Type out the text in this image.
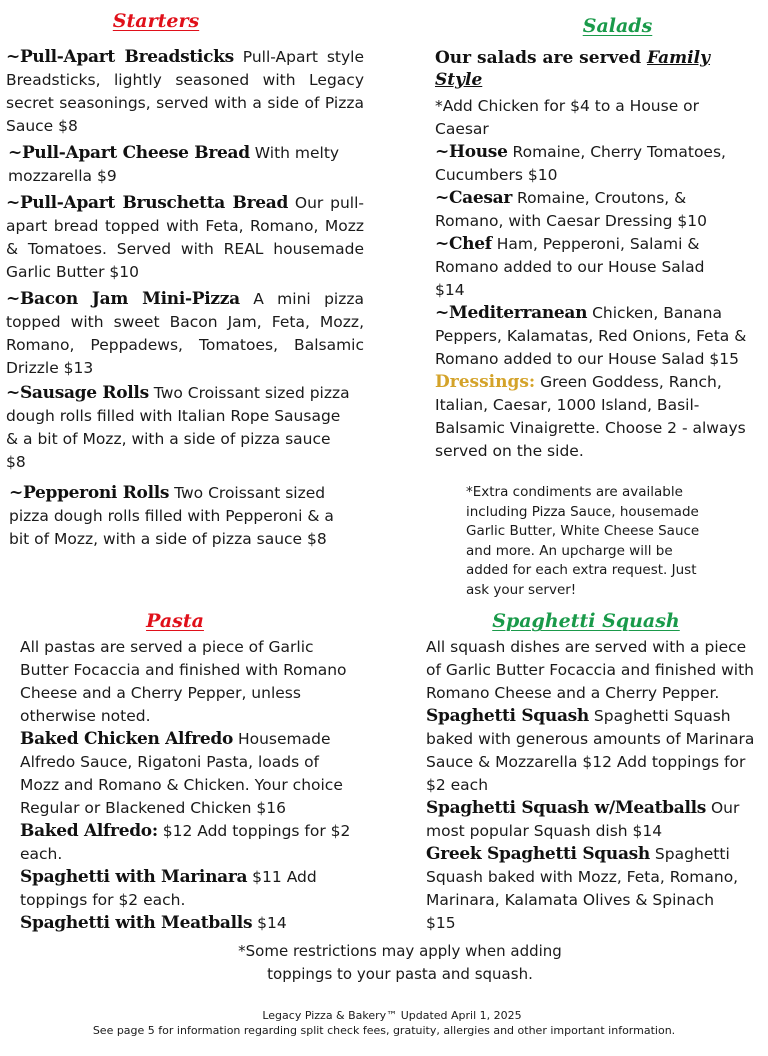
Starters

~Pull-Apart Breadsticks Pull-Apart style Breadsticks, lightly seasoned with Legacy secret seasonings, served with a side of Pizza Sauce $8

~Pull-Apart Cheese Bread With melty mozzarella $9

~Pull-Apart Bruschetta Bread Our pull-apart bread topped with Feta, Romano, Mozz & Tomatoes. Served with REAL housemade Garlic Butter $10

~Bacon Jam Mini-Pizza A mini pizza topped with sweet Bacon Jam, Feta, Mozz, Romano, Peppadews, Tomatoes, Balsamic Drizzle $13

~Sausage Rolls Two Croissant sized pizza dough rolls filled with Italian Rope Sausage & a bit of Mozz, with a side of pizza sauce $8

~Pepperoni Rolls Two Croissant sized pizza dough rolls filled with Pepperoni & a bit of Mozz, with a side of pizza sauce $8

Salads

Our salads are served Family Style

*Add Chicken for $4 to a House or Caesar

~House Romaine, Cherry Tomatoes, Cucumbers $10

~Caesar Romaine, Croutons, & Romano, with Caesar Dressing $10

~Chef Ham, Pepperoni, Salami & Romano added to our House Salad $14

~Mediterranean Chicken, Banana Peppers, Kalamatas, Red Onions, Feta & Romano added to our House Salad $15

Dressings: Green Goddess, Ranch, Italian, Caesar, 1000 Island, Basil-Balsamic Vinaigrette. Choose 2 - always served on the side.

*Extra condiments are available including Pizza Sauce, housemade Garlic Butter, White Cheese Sauce and more. An upcharge will be added for each extra request. Just ask your server!

Pasta

All pastas are served a piece of Garlic Butter Focaccia and finished with Romano Cheese and a Cherry Pepper, unless otherwise noted.

Baked Chicken Alfredo Housemade Alfredo Sauce, Rigatoni Pasta, loads of Mozz and Romano & Chicken. Your choice Regular or Blackened Chicken $16

Baked Alfredo: $12 Add toppings for $2 each.

Spaghetti with Marinara $11 Add toppings for $2 each.

Spaghetti with Meatballs $14

Spaghetti Squash

All squash dishes are served with a piece of Garlic Butter Focaccia and finished with Romano Cheese and a Cherry Pepper.

Spaghetti Squash Spaghetti Squash baked with generous amounts of Marinara Sauce & Mozzarella $12 Add toppings for $2 each

Spaghetti Squash w/Meatballs Our most popular Squash dish $14

Greek Spaghetti Squash Spaghetti Squash baked with Mozz, Feta, Romano, Marinara, Kalamata Olives & Spinach $15

*Some restrictions may apply when adding toppings to your pasta and squash.

Legacy Pizza & Bakery™ Updated April 1, 2025
See page 5 for information regarding split check fees, gratuity, allergies and other important information.
